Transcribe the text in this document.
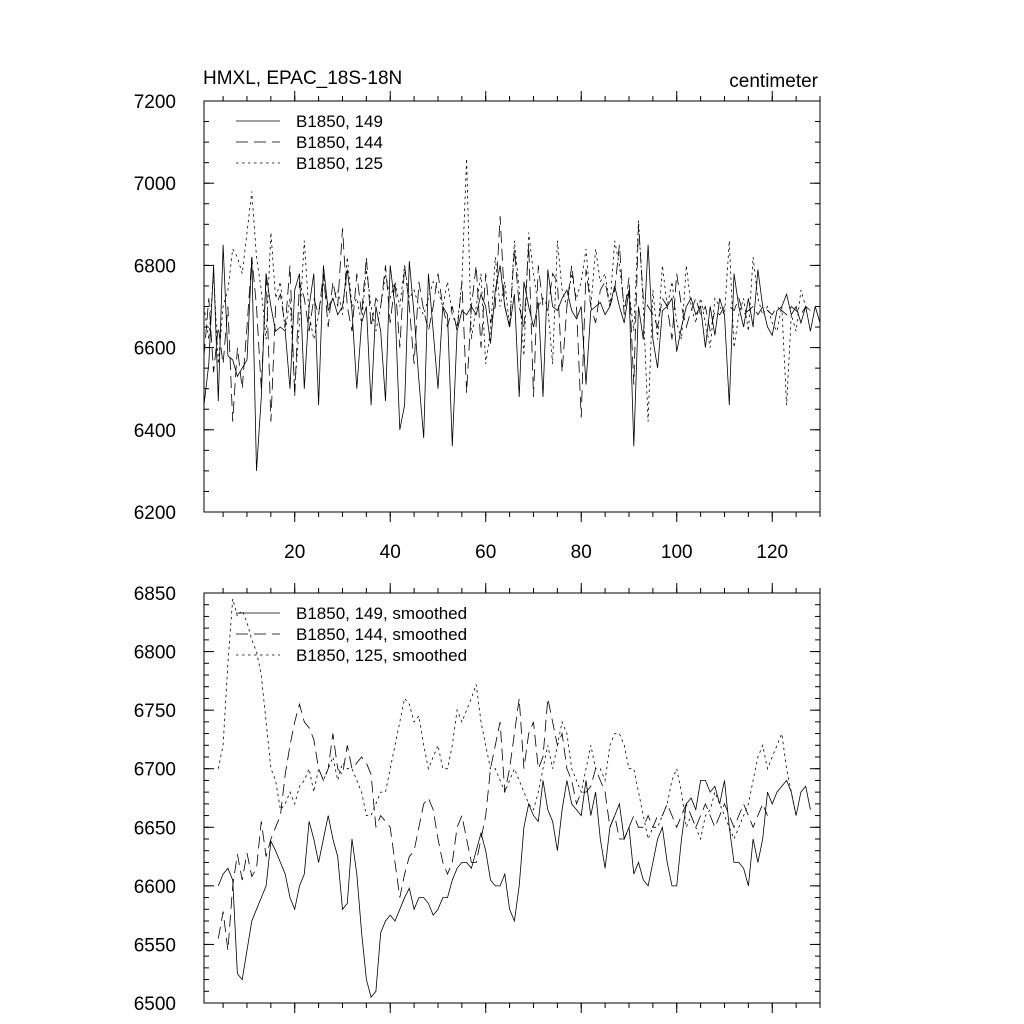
HMXL, EPAC_18S-18N	centimeter
6200
6400
6600
6800
7000
7200
20	40	60	80	100	120
B1850, 149
B1850, 144
B1850, 125
6500
6550
6600
6650
6700
6750
6800
6850
B1850, 149, smoothed
B1850, 144, smoothed
B1850, 125, smoothed
